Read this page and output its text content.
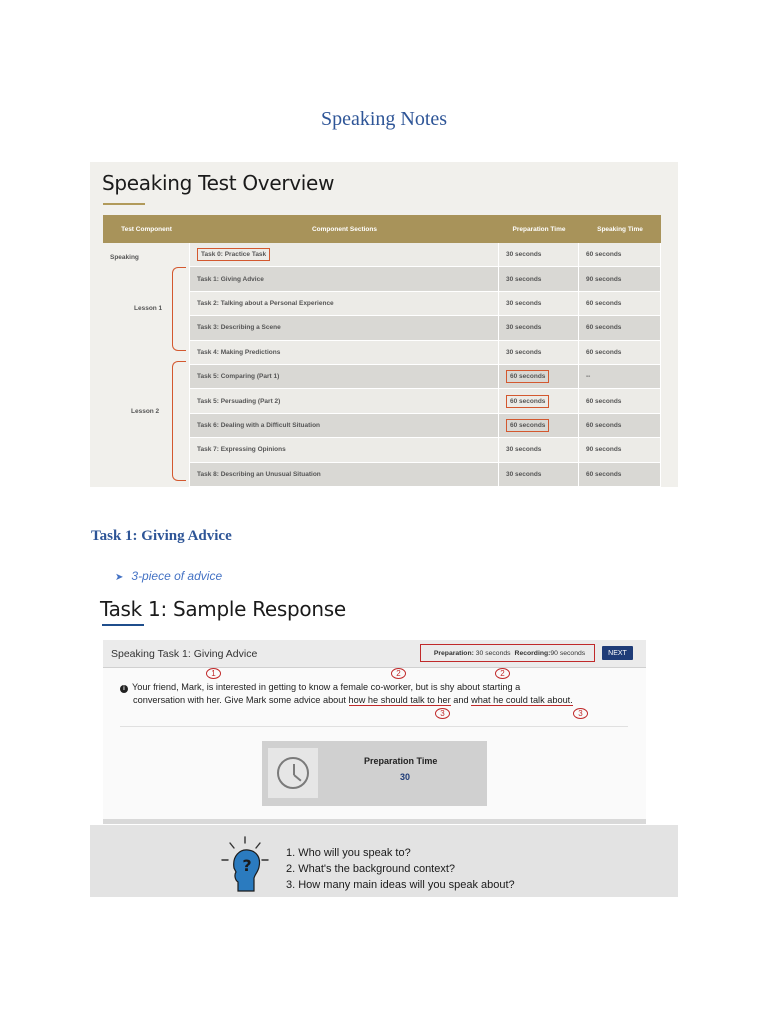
Speaking Notes
Speaking Test Overview
Test Component	Component Sections	Preparation Time	Speaking Time
Task 0: Practice Task	30 seconds	60 seconds
Task 1: Giving Advice	30 seconds	90 seconds
Task 2: Talking about a Personal Experience	30 seconds	60 seconds
Task 3: Describing a Scene	30 seconds	60 seconds
Task 4: Making Predictions	30 seconds	60 seconds
Task 5: Comparing (Part 1)	60 seconds	--
Task 5: Persuading (Part 2)	60 seconds	60 seconds
Task 6: Dealing with a Difficult Situation	60 seconds	60 seconds
Task 7: Expressing Opinions	30 seconds	90 seconds
Task 8: Describing an Unusual Situation	30 seconds	60 seconds
Speaking
Lesson 1
Lesson 2
Task 1: Giving Advice
➤ 3-piece of advice
Task 1: Sample Response
Speaking Task 1: Giving Advice	Preparation:
30 seconds Recording: 90 seconds	NEXT
1	2	2
i Your friend, Mark, is interested in getting to know a female co-worker, but is shy about starting a
conversation with her. Give Mark some advice about how he should talk to her and what he could talk about.
3	3
Preparation Time
30
?
1. Who will you speak to?
2. What's the background context?
3. How many main ideas will you speak about?
